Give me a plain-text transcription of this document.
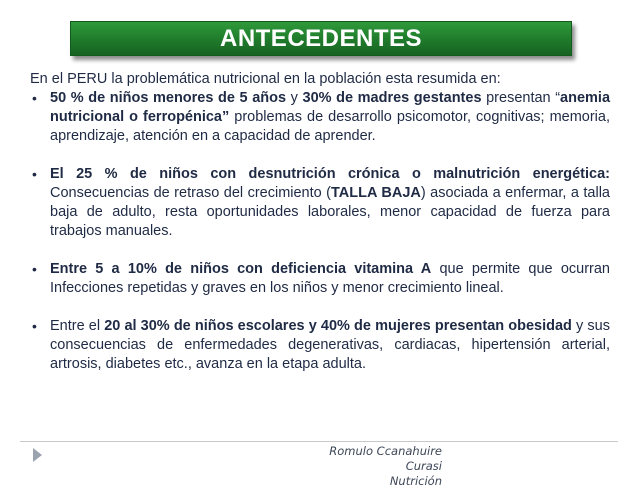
ANTECEDENTES
En el PERU la problemática nutricional en la población esta resumida en:
• 50 % de niños menores de 5 años y 30% de madres gestantes presentan “anemia nutricional o ferropénica” problemas de desarrollo psicomotor, cognitivas; memoria, aprendizaje, atención en a capacidad de aprender.
• El 25 % de niños con desnutrición crónica o malnutrición energética: Consecuencias de retraso del crecimiento (TALLA BAJA) asociada a enfermar, a talla baja de adulto, resta oportunidades laborales, menor capacidad de fuerza para trabajos manuales.
• Entre 5 a 10% de niños con deficiencia vitamina A que permite que ocurran Infecciones repetidas y graves en los niños y menor crecimiento lineal.
• Entre el 20 al 30% de niños escolares y 40% de mujeres presentan obesidad y sus consecuencias de enfermedades degenerativas, cardiacas, hipertensión arterial, artrosis, diabetes etc., avanza en la etapa adulta.
Romulo Ccanahuire Curasi
Nutrición
